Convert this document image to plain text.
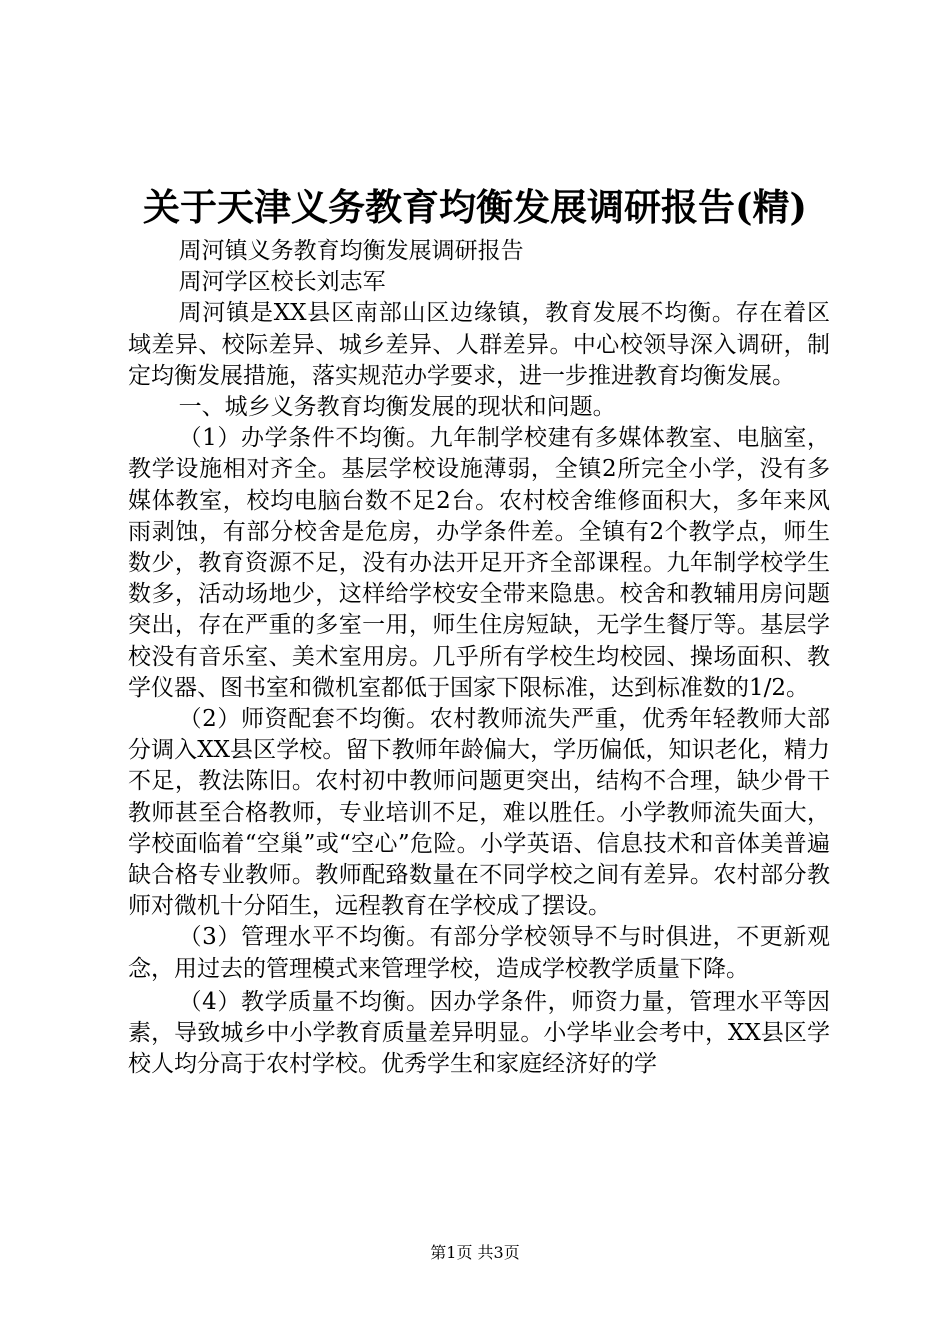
关于天津义务教育均衡发展调研报告(精)

周河镇义务教育均衡发展调研报告

周河学区校长刘志军

周河镇是XX县区南部山区边缘镇，教育发展不均衡。存在着区域差异、校际差异、城乡差异、人群差异。中心校领导深入调研，制定均衡发展措施，落实规范办学要求，进一步推进教育均衡发展。

一、城乡义务教育均衡发展的现状和问题。

（1）办学条件不均衡。九年制学校建有多媒体教室、电脑室，教学设施相对齐全。基层学校设施薄弱，全镇2所完全小学，没有多媒体教室，校均电脑台数不足2台。农村校舍维修面积大，多年来风雨剥蚀，有部分校舍是危房，办学条件差。全镇有2个教学点，师生数少，教育资源不足，没有办法开足开齐全部课程。九年制学校学生数多，活动场地少，这样给学校安全带来隐患。校舍和教辅用房问题突出，存在严重的多室一用，师生住房短缺，无学生餐厅等。基层学校没有音乐室、美术室用房。几乎所有学校生均校园、操场面积、教学仪器、图书室和微机室都低于国家下限标准，达到标准数的1/2。

（2）师资配套不均衡。农村教师流失严重，优秀年轻教师大部分调入XX县区学校。留下教师年龄偏大，学历偏低，知识老化，精力不足，教法陈旧。农村初中教师问题更突出，结构不合理，缺少骨干教师甚至合格教师，专业培训不足，难以胜任。小学教师流失面大，学校面临着“空巢”或“空心”危险。小学英语、信息技术和音体美普遍缺合格专业教师。教师配臵数量在不同学校之间有差异。农村部分教师对微机十分陌生，远程教育在学校成了摆设。

（3）管理水平不均衡。有部分学校领导不与时俱进，不更新观念，用过去的管理模式来管理学校，造成学校教学质量下降。

（4）教学质量不均衡。因办学条件，师资力量，管理水平等因素，导致城乡中小学教育质量差异明显。小学毕业会考中，XX县区学校人均分高于农村学校。优秀学生和家庭经济好的学

第1页 共3页
